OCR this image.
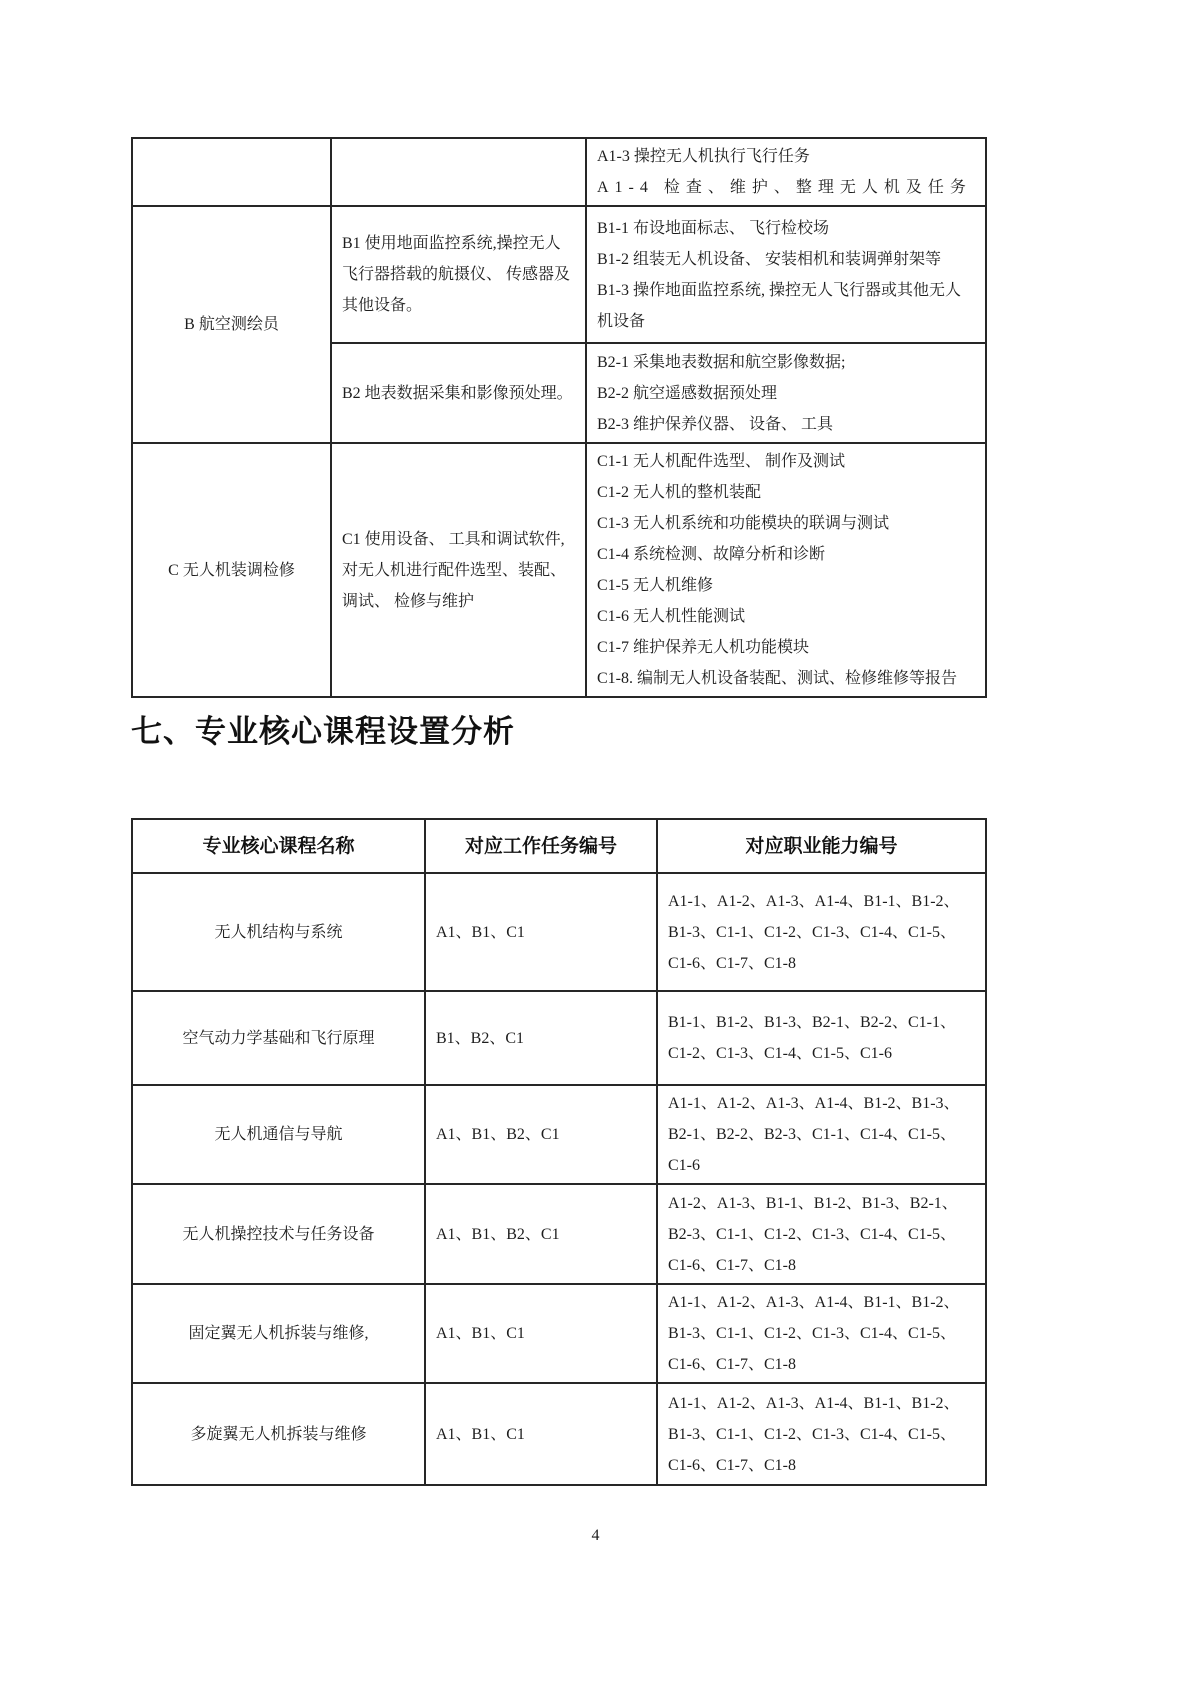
		A1-3 操控无人机执行飞行任务
A1-4 检查、维护、整理无人机及任务

B 航空测绘员	B1 使用地面监控系统,操控无人飞行器搭载的航摄仪、 传感器及其他设备。	B1-1 布设地面标志、 飞行检校场
B1-2 组装无人机设备、 安装相机和装调弹射架等
B1-3 操作地面监控系统, 操控无人飞行器或其他无人机设备

	B2 地表数据采集和影像预处理。	B2-1 采集地表数据和航空影像数据;
B2-2 航空遥感数据预处理
B2-3 维护保养仪器、 设备、 工具

C 无人机装调检修	C1 使用设备、 工具和调试软件, 对无人机进行配件选型、装配、 调试、 检修与维护	
C1-1 无人机配件选型、 制作及测试
C1-2 无人机的整机装配
C1-3 无人机系统和功能模块的联调与测试
C1-4 系统检测、故障分析和诊断
C1-5 无人机维修
C1-6 无人机性能测试
C1-7 维护保养无人机功能模块
C1-8. 编制无人机设备装配、测试、检修维修等报告
七、专业核心课程设置分析
专业核心课程名称	对应工作任务编号	对应职业能力编号
无人机结构与系统	A1、B1、C1	A1-1、A1-2、A1-3、A1-4、B1-1、B1-2、B1-3、C1-1、C1-2、C1-3、C1-4、C1-5、C1-6、C1-7、C1-8
空气动力学基础和飞行原理	B1、B2、C1	B1-1、B1-2、B1-3、B2-1、B2-2、C1-1、C1-2、C1-3、C1-4、C1-5、C1-6
无人机通信与导航	A1、B1、B2、C1	A1-1、A1-2、A1-3、A1-4、B1-2、B1-3、B2-1、B2-2、B2-3、C1-1、C1-4、C1-5、C1-6
无人机操控技术与任务设备	A1、B1、B2、C1	A1-2、A1-3、B1-1、B1-2、B1-3、B2-1、B2-3、C1-1、C1-2、C1-3、C1-4、C1-5、C1-6、C1-7、C1-8
固定翼无人机拆装与维修,	A1、B1、C1	A1-1、A1-2、A1-3、A1-4、B1-1、B1-2、B1-3、C1-1、C1-2、C1-3、C1-4、C1-5、C1-6、C1-7、C1-8
多旋翼无人机拆装与维修	A1、B1、C1	A1-1、A1-2、A1-3、A1-4、B1-1、B1-2、B1-3、C1-1、C1-2、C1-3、C1-4、C1-5、C1-6、C1-7、C1-8
4
